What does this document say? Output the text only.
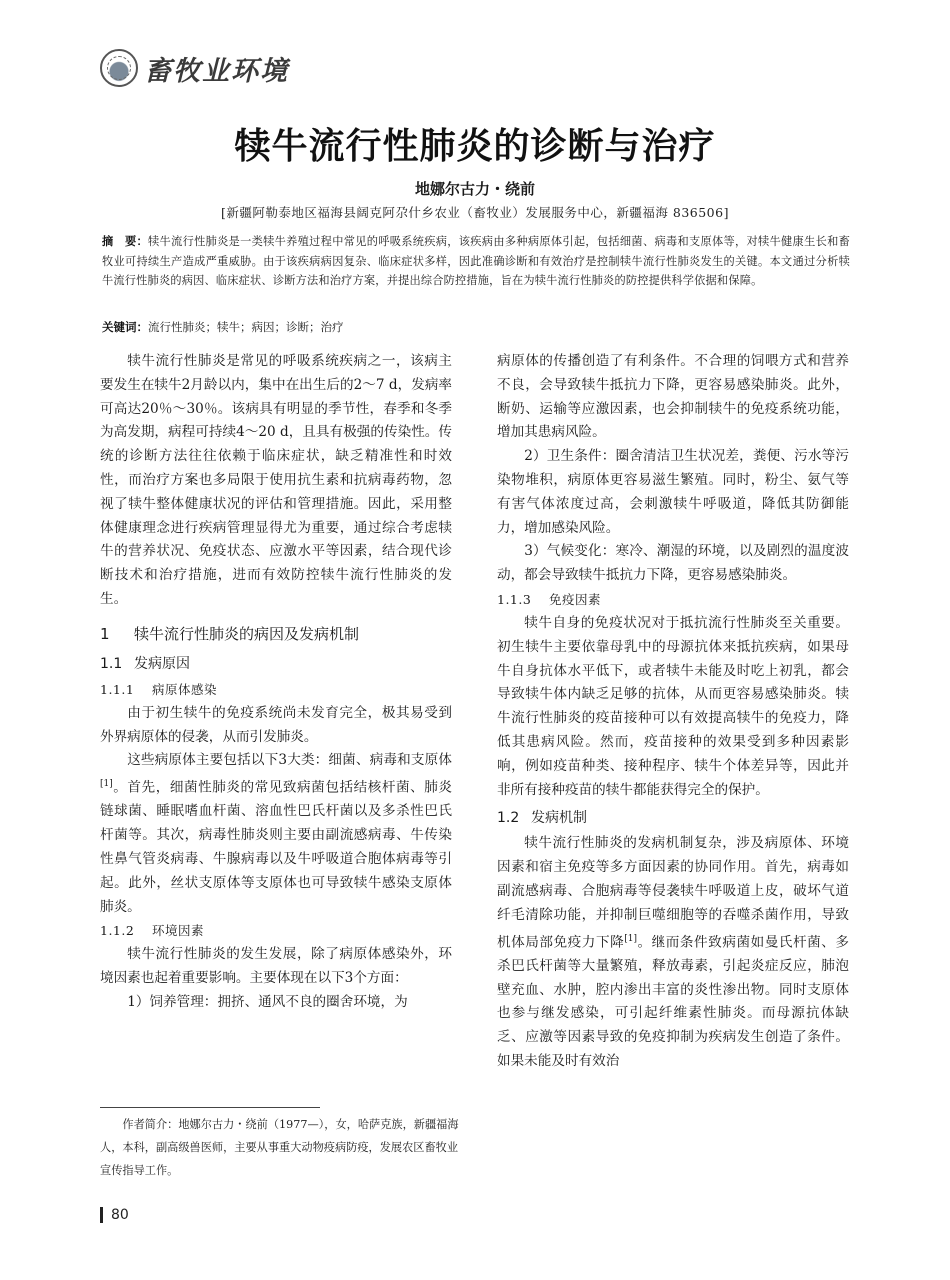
畜牧业环境
犊牛流行性肺炎的诊断与治疗
地娜尔古力・绕前
[新疆阿勒泰地区福海县阔克阿尕什乡农业（畜牧业）发展服务中心，新疆福海 836506]
摘　要：犊牛流行性肺炎是一类犊牛养殖过程中常见的呼吸系统疾病，该疾病由多种病原体引起，包括细菌、病毒和支原体等，对犊牛健康生长和畜牧业可持续生产造成严重威胁。由于该疾病病因复杂、临床症状多样，因此准确诊断和有效治疗是控制犊牛流行性肺炎发生的关键。本文通过分析犊牛流行性肺炎的病因、临床症状、诊断方法和治疗方案，并提出综合防控措施，旨在为犊牛流行性肺炎的防控提供科学依据和保障。
关键词：流行性肺炎；犊牛；病因；诊断；治疗

犊牛流行性肺炎是常见的呼吸系统疾病之一，该病主要发生在犊牛2月龄以内，集中在出生后的2～7 d，发病率可高达20％～30％。该病具有明显的季节性，春季和冬季为高发期，病程可持续4～20 d，且具有极强的传染性。传统的诊断方法往往依赖于临床症状，缺乏精准性和时效性，而治疗方案也多局限于使用抗生素和抗病毒药物，忽视了犊牛整体健康状况的评估和管理措施。因此，采用整体健康理念进行疾病管理显得尤为重要，通过综合考虑犊牛的营养状况、免疫状态、应激水平等因素，结合现代诊断技术和治疗措施，进而有效防控犊牛流行性肺炎的发生。

1 犊牛流行性肺炎的病因及发病机制
1.1 发病原因
1.1.1 病原体感染

由于初生犊牛的免疫系统尚未发育完全，极其易受到外界病原体的侵袭，从而引发肺炎。

这些病原体主要包括以下3大类：细菌、病毒和支原体[1]。首先，细菌性肺炎的常见致病菌包括结核杆菌、肺炎链球菌、睡眠嗜血杆菌、溶血性巴氏杆菌以及多杀性巴氏杆菌等。其次，病毒性肺炎则主要由副流感病毒、牛传染性鼻气管炎病毒、牛腺病毒以及牛呼吸道合胞体病毒等引起。此外，丝状支原体等支原体也可导致犊牛感染支原体肺炎。

1.1.2 环境因素

犊牛流行性肺炎的发生发展，除了病原体感染外，环境因素也起着重要影响。主要体现在以下3个方面：

1）饲养管理：拥挤、通风不良的圈舍环境，为

病原体的传播创造了有利条件。不合理的饲喂方式和营养不良，会导致犊牛抵抗力下降，更容易感染肺炎。此外，断奶、运输等应激因素，也会抑制犊牛的免疫系统功能，增加其患病风险。

2）卫生条件：圈舍清洁卫生状况差，粪便、污水等污染物堆积，病原体更容易滋生繁殖。同时，粉尘、氨气等有害气体浓度过高，会刺激犊牛呼吸道，降低其防御能力，增加感染风险。

3）气候变化：寒冷、潮湿的环境，以及剧烈的温度波动，都会导致犊牛抵抗力下降，更容易感染肺炎。

1.1.3 免疫因素

犊牛自身的免疫状况对于抵抗流行性肺炎至关重要。初生犊牛主要依靠母乳中的母源抗体来抵抗疾病，如果母牛自身抗体水平低下，或者犊牛未能及时吃上初乳，都会导致犊牛体内缺乏足够的抗体，从而更容易感染肺炎。犊牛流行性肺炎的疫苗接种可以有效提高犊牛的免疫力，降低其患病风险。然而，疫苗接种的效果受到多种因素影响，例如疫苗种类、接种程序、犊牛个体差异等，因此并非所有接种疫苗的犊牛都能获得完全的保护。

1.2 发病机制

犊牛流行性肺炎的发病机制复杂，涉及病原体、环境因素和宿主免疫等多方面因素的协同作用。首先，病毒如副流感病毒、合胞病毒等侵袭犊牛呼吸道上皮，破坏气道纤毛清除功能，并抑制巨噬细胞等的吞噬杀菌作用，导致机体局部免疫力下降[1]。继而条件致病菌如曼氏杆菌、多杀巴氏杆菌等大量繁殖，释放毒素，引起炎症反应，肺泡壁充血、水肿，腔内渗出丰富的炎性渗出物。同时支原体也参与继发感染，可引起纤维素性肺炎。而母源抗体缺乏、应激等因素导致的免疫抑制为疾病发生创造了条件。如果未能及时有效治

作者简介：地娜尔古力・绕前（1977—），女，哈萨克族，新疆福海人，本科，副高级兽医师，主要从事重大动物疫病防疫，发展农区畜牧业宣传指导工作。
80
